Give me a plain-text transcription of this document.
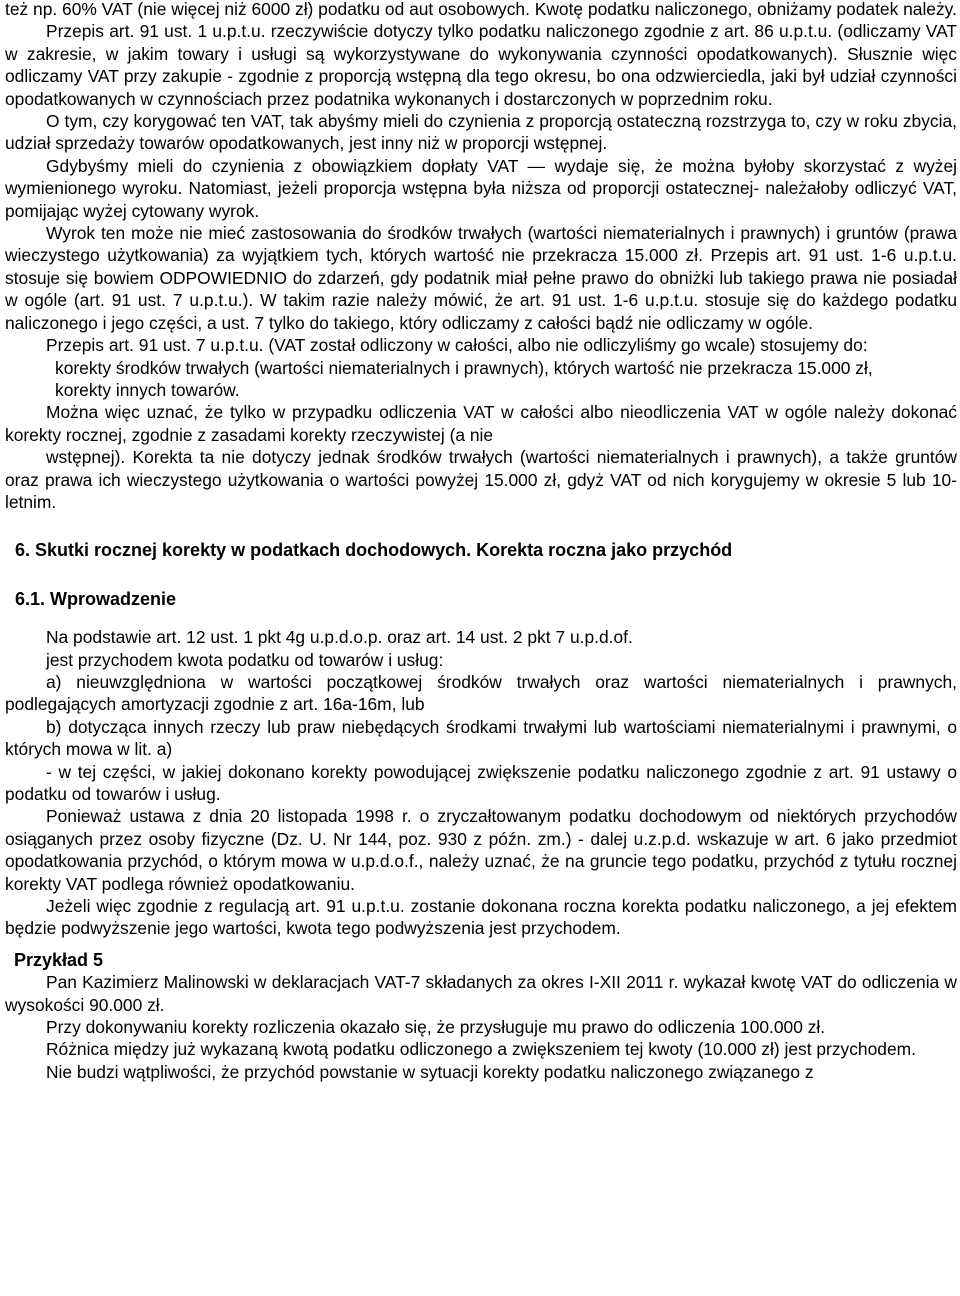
też np. 60% VAT (nie więcej niż 6000 zł) podatku od aut osobowych. Kwotę podatku naliczonego, obniżamy podatek należy.

Przepis art. 91 ust. 1 u.p.t.u. rzeczywiście dotyczy tylko podatku naliczonego zgodnie z art. 86 u.p.t.u. (odliczamy VAT w zakresie, w jakim towary i usługi są wykorzystywane do wykonywania czynności opodatkowanych). Słusznie więc odliczamy VAT przy zakupie - zgodnie z proporcją wstępną dla tego okresu, bo ona odzwierciedla, jaki był udział czynności opodatkowanych w czynnościach przez podatnika wykonanych i dostarczonych w poprzednim roku.

O tym, czy korygować ten VAT, tak abyśmy mieli do czynienia z proporcją ostateczną rozstrzyga to, czy w roku zbycia, udział sprzedaży towarów opodatkowanych, jest inny niż w proporcji wstępnej.

Gdybyśmy mieli do czynienia z obowiązkiem dopłaty VAT — wydaje się, że można byłoby skorzystać z wyżej wymienionego wyroku. Natomiast, jeżeli proporcja wstępna była niższa od proporcji ostatecznej- należałoby odliczyć VAT, pomijając wyżej cytowany wyrok.

Wyrok ten może nie mieć zastosowania do środków trwałych (wartości niematerialnych i prawnych) i gruntów (prawa wieczystego użytkowania) za wyjątkiem tych, których wartość nie przekracza 15.000 zł. Przepis art. 91 ust. 1-6 u.p.t.u. stosuje się bowiem ODPOWIEDNIO do zdarzeń, gdy podatnik miał pełne prawo do obniżki lub takiego prawa nie posiadał w ogóle (art. 91 ust. 7 u.p.t.u.). W takim razie należy mówić, że art. 91 ust. 1-6 u.p.t.u. stosuje się do każdego podatku naliczonego i jego części, a ust. 7 tylko do takiego, który odliczamy z całości bądź nie odliczamy w ogóle.

Przepis art. 91 ust. 7 u.p.t.u. (VAT został odliczony w całości, albo nie odliczyliśmy go wcale) stosujemy do:

korekty środków trwałych (wartości niematerialnych i prawnych), których wartość nie przekracza 15.000 zł,

korekty innych towarów.

Można więc uznać, że tylko w przypadku odliczenia VAT w całości albo nieodliczenia VAT w ogóle należy dokonać korekty rocznej, zgodnie z zasadami korekty rzeczywistej (a nie

wstępnej). Korekta ta nie dotyczy jednak środków trwałych (wartości niematerialnych i prawnych), a także gruntów oraz prawa ich wieczystego użytkowania o wartości powyżej 15.000 zł, gdyż VAT od nich korygujemy w okresie 5 lub 10-letnim.

6. Skutki rocznej korekty w podatkach dochodowych. Korekta roczna jako przychód

6.1. Wprowadzenie

Na podstawie art. 12 ust. 1 pkt 4g u.p.d.o.p. oraz art. 14 ust. 2 pkt 7 u.p.d.of.

jest przychodem kwota podatku od towarów i usług:

a) nieuwzględniona w wartości początkowej środków trwałych oraz wartości niematerialnych i prawnych, podlegających amortyzacji zgodnie z art. 16a-16m, lub

b) dotycząca innych rzeczy lub praw niebędących środkami trwałymi lub wartościami niematerialnymi i prawnymi, o których mowa w lit. a)

- w tej części, w jakiej dokonano korekty powodującej zwiększenie podatku naliczonego zgodnie z art. 91 ustawy o podatku od towarów i usług.

Ponieważ ustawa z dnia 20 listopada 1998 r. o zryczałtowanym podatku dochodowym od niektórych przychodów osiąganych przez osoby fizyczne (Dz. U. Nr 144, poz. 930 z późn. zm.) - dalej u.z.p.d. wskazuje w art. 6 jako przedmiot opodatkowania przychód, o którym mowa w u.p.d.o.f., należy uznać, że na gruncie tego podatku, przychód z tytułu rocznej korekty VAT podlega również opodatkowaniu.

Jeżeli więc zgodnie z regulacją art. 91 u.p.t.u. zostanie dokonana roczna korekta podatku naliczonego, a jej efektem będzie podwyższenie jego wartości, kwota tego podwyższenia jest przychodem.

Przykład 5

Pan Kazimierz Malinowski w deklaracjach VAT-7 składanych za okres I-XII 2011 r. wykazał kwotę VAT do odliczenia w wysokości 90.000 zł.

Przy dokonywaniu korekty rozliczenia okazało się, że przysługuje mu prawo do odliczenia 100.000 zł.

Różnica między już wykazaną kwotą podatku odliczonego a zwiększeniem tej kwoty (10.000 zł) jest przychodem.

Nie budzi wątpliwości, że przychód powstanie w sytuacji korekty podatku naliczonego związanego z
